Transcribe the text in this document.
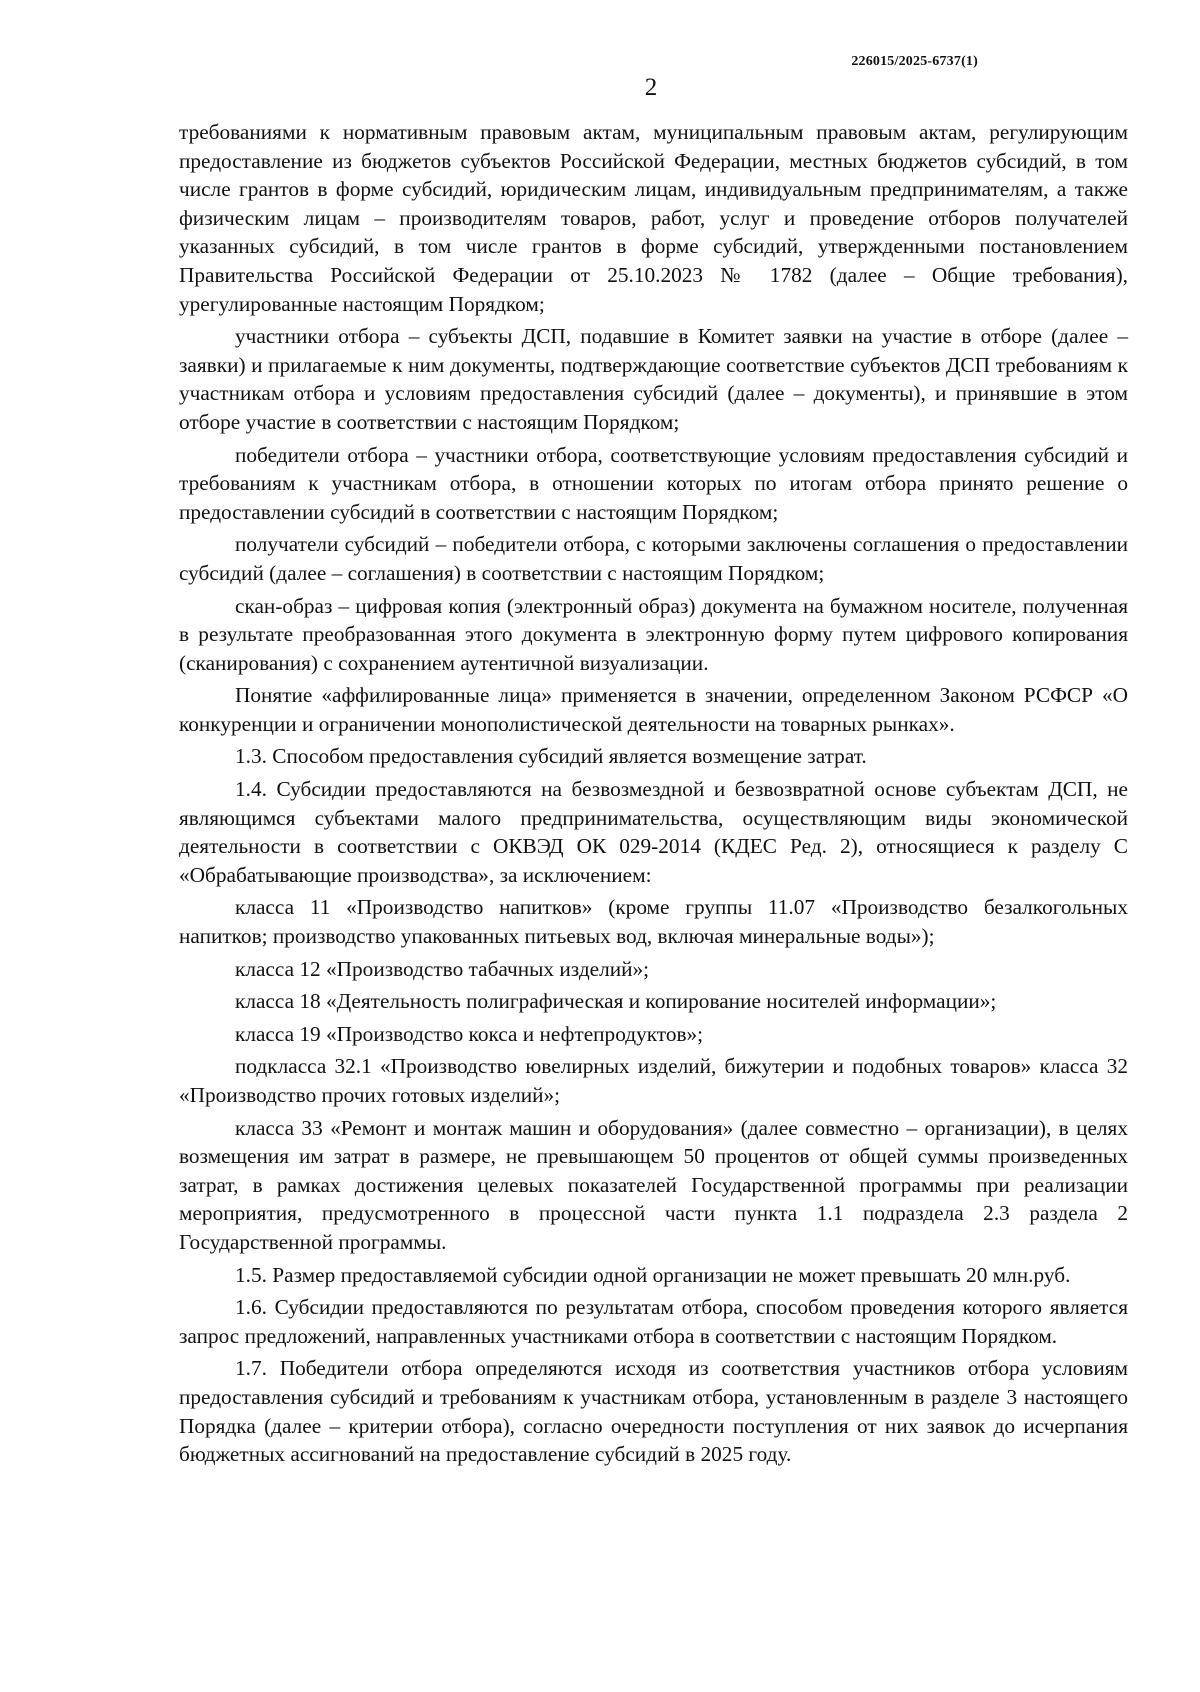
226015/2025-6737(1)
2

требованиями к нормативным правовым актам, муниципальным правовым актам, регулирующим предоставление из бюджетов субъектов Российской Федерации, местных бюджетов субсидий, в том числе грантов в форме субсидий, юридическим лицам, индивидуальным предпринимателям, а также физическим лицам – производителям товаров, работ, услуг и проведение отборов получателей указанных субсидий, в том числе грантов в форме субсидий, утвержденными постановлением Правительства Российской Федерации от 25.10.2023 № 1782 (далее – Общие требования), урегулированные настоящим Порядком;

участники отбора – субъекты ДСП, подавшие в Комитет заявки на участие в отборе (далее – заявки) и прилагаемые к ним документы, подтверждающие соответствие субъектов ДСП требованиям к участникам отбора и условиям предоставления субсидий (далее – документы), и принявшие в этом отборе участие в соответствии с настоящим Порядком;

победители отбора – участники отбора, соответствующие условиям предоставления субсидий и требованиям к участникам отбора, в отношении которых по итогам отбора принято решение о предоставлении субсидий в соответствии с настоящим Порядком;

получатели субсидий – победители отбора, с которыми заключены соглашения о предоставлении субсидий (далее – соглашения) в соответствии с настоящим Порядком;

скан-образ – цифровая копия (электронный образ) документа на бумажном носителе, полученная в результате преобразованная этого документа в электронную форму путем цифрового копирования (сканирования) с сохранением аутентичной визуализации.

Понятие «аффилированные лица» применяется в значении, определенном Законом РСФСР «О конкуренции и ограничении монополистической деятельности на товарных рынках».

1.3. Способом предоставления субсидий является возмещение затрат.

1.4. Субсидии предоставляются на безвозмездной и безвозвратной основе субъектам ДСП, не являющимся субъектами малого предпринимательства, осуществляющим виды экономической деятельности в соответствии с ОКВЭД ОК 029-2014 (КДЕС Ред. 2), относящиеся к разделу С «Обрабатывающие производства», за исключением:

класса 11 «Производство напитков» (кроме группы 11.07 «Производство безалкогольных напитков; производство упакованных питьевых вод, включая минеральные воды»);

класса 12 «Производство табачных изделий»;

класса 18 «Деятельность полиграфическая и копирование носителей информации»;

класса 19 «Производство кокса и нефтепродуктов»;

подкласса 32.1 «Производство ювелирных изделий, бижутерии и подобных товаров» класса 32 «Производство прочих готовых изделий»;

класса 33 «Ремонт и монтаж машин и оборудования» (далее совместно – организации), в целях возмещения им затрат в размере, не превышающем 50 процентов от общей суммы произведенных затрат, в рамках достижения целевых показателей Государственной программы при реализации мероприятия, предусмотренного в процессной части пункта 1.1 подраздела 2.3 раздела 2 Государственной программы.

1.5. Размер предоставляемой субсидии одной организации не может превышать 20 млн.руб.

1.6. Субсидии предоставляются по результатам отбора, способом проведения которого является запрос предложений, направленных участниками отбора в соответствии с настоящим Порядком.

1.7. Победители отбора определяются исходя из соответствия участников отбора условиям предоставления субсидий и требованиям к участникам отбора, установленным в разделе 3 настоящего Порядка (далее – критерии отбора), согласно очередности поступления от них заявок до исчерпания бюджетных ассигнований на предоставление субсидий в 2025 году.
